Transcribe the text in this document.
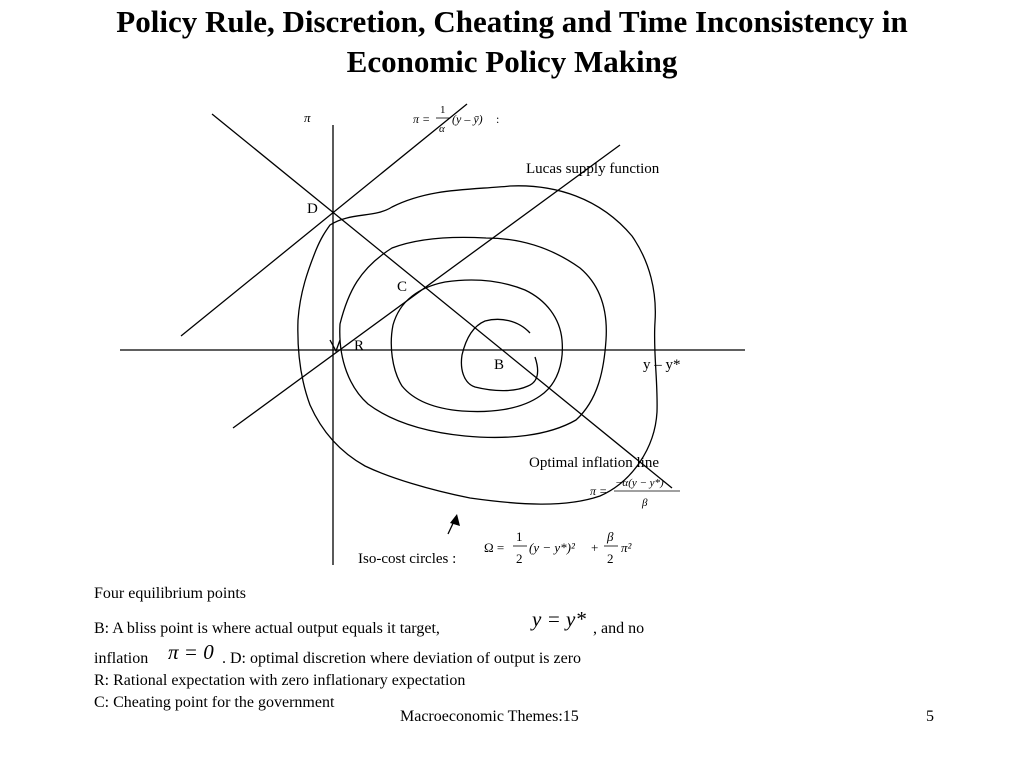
Policy Rule, Discretion, Cheating and Time Inconsistency in
Economic Policy Making
π
y – y*
D
C
R
B
π =
1
α
(y – ȳ) :
Lucas supply function
Optimal inflation line
π =
−α(y − y*)
β
Iso-cost circles :
Ω =
1
2
(y − y*)² +
β
2
π²
Four equilibrium points
B: A bliss point is where actual output equals it target,	y = y* , and no
inflation π = 0 . D: optimal discretion where deviation of output is zero
R: Rational expectation with zero inflationary expectation
C: Cheating point for the government
Macroeconomic Themes:15	5
